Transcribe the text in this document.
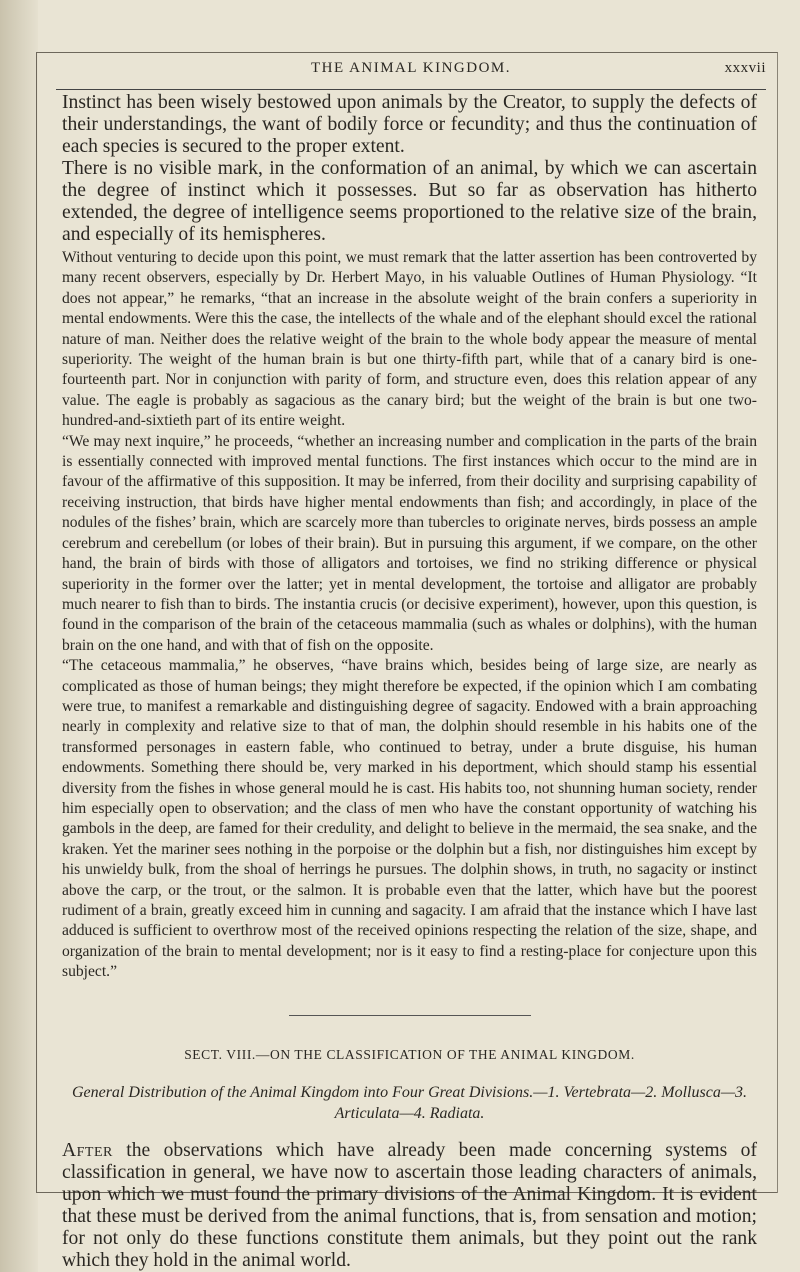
THE ANIMAL KINGDOM.	xxxvii

Instinct has been wisely bestowed upon animals by the Creator, to supply the defects of their understandings, the want of bodily force or fecundity; and thus the continuation of each species is secured to the proper extent.

There is no visible mark, in the conformation of an animal, by which we can ascertain the degree of instinct which it possesses. But so far as observation has hitherto extended, the degree of intelligence seems proportioned to the relative size of the brain, and especially of its hemispheres.

Without venturing to decide upon this point, we must remark that the latter assertion has been controverted by many recent observers, especially by Dr. Herbert Mayo, in his valuable Outlines of Human Physiology. “It does not appear,” he remarks, “that an increase in the absolute weight of the brain confers a superiority in mental endowments. Were this the case, the intellects of the whale and of the elephant should excel the rational nature of man. Neither does the relative weight of the brain to the whole body appear the measure of mental superiority. The weight of the human brain is but one thirty-fifth part, while that of a canary bird is one-fourteenth part. Nor in conjunction with parity of form, and structure even, does this relation appear of any value. The eagle is probably as sagacious as the canary bird; but the weight of the brain is but one two-hundred-and-sixtieth part of its entire weight.

“We may next inquire,” he proceeds, “whether an increasing number and complication in the parts of the brain is essentially connected with improved mental functions. The first instances which occur to the mind are in favour of the affirmative of this supposition. It may be inferred, from their docility and surprising capability of receiving instruction, that birds have higher mental endowments than fish; and accordingly, in place of the nodules of the fishes’ brain, which are scarcely more than tubercles to originate nerves, birds possess an ample cerebrum and cerebellum (or lobes of their brain). But in pursuing this argument, if we compare, on the other hand, the brain of birds with those of alligators and tortoises, we find no striking difference or physical superiority in the former over the latter; yet in mental development, the tortoise and alligator are probably much nearer to fish than to birds. The instantia crucis (or decisive experiment), however, upon this question, is found in the comparison of the brain of the cetaceous mammalia (such as whales or dolphins), with the human brain on the one hand, and with that of fish on the opposite.

“The cetaceous mammalia,” he observes, “have brains which, besides being of large size, are nearly as complicated as those of human beings; they might therefore be expected, if the opinion which I am combating were true, to manifest a remarkable and distinguishing degree of sagacity. Endowed with a brain approaching nearly in complexity and relative size to that of man, the dolphin should resemble in his habits one of the transformed personages in eastern fable, who continued to betray, under a brute disguise, his human endowments. Something there should be, very marked in his deportment, which should stamp his essential diversity from the fishes in whose general mould he is cast. His habits too, not shunning human society, render him especially open to observation; and the class of men who have the constant opportunity of watching his gambols in the deep, are famed for their credulity, and delight to believe in the mermaid, the sea snake, and the kraken. Yet the mariner sees nothing in the porpoise or the dolphin but a fish, nor distinguishes him except by his unwieldy bulk, from the shoal of herrings he pursues. The dolphin shows, in truth, no sagacity or instinct above the carp, or the trout, or the salmon. It is probable even that the latter, which have but the poorest rudiment of a brain, greatly exceed him in cunning and sagacity. I am afraid that the instance which I have last adduced is sufficient to overthrow most of the received opinions respecting the relation of the size, shape, and organization of the brain to mental development; nor is it easy to find a resting-place for conjecture upon this subject.”

SECT. VIII.—ON THE CLASSIFICATION OF THE ANIMAL KINGDOM.
General Distribution of the Animal Kingdom into Four Great Divisions.—1. Vertebrata—2. Mollusca—3. Articulata—4. Radiata.

After the observations which have already been made concerning systems of classification in general, we have now to ascertain those leading characters of animals, upon which we must found the primary divisions of the Animal Kingdom. It is evident that these must be derived from the animal functions, that is, from sensation and motion; for not only do these functions constitute them animals, but they point out the rank which they hold in the animal world.
